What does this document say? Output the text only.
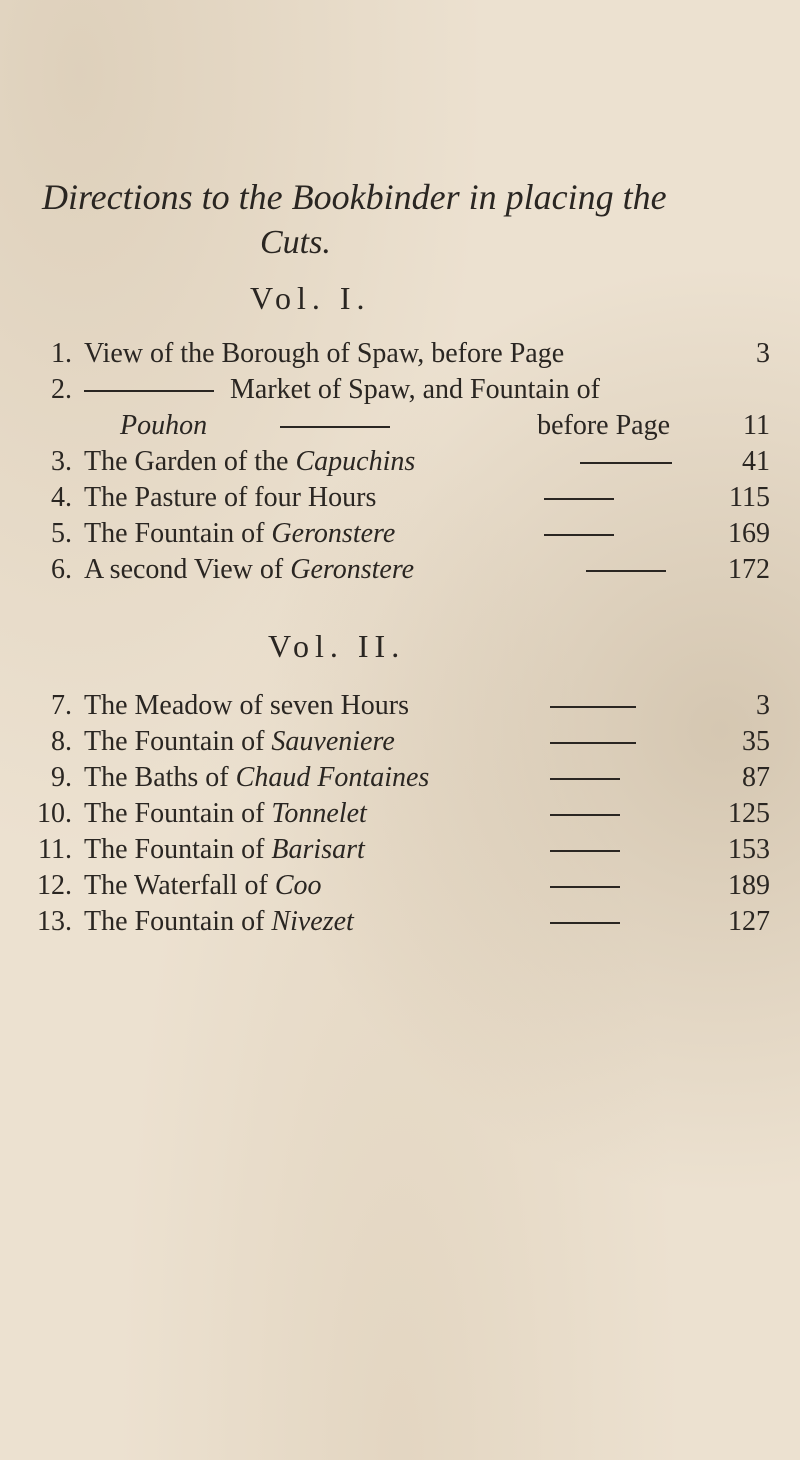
Directions to the Bookbinder in placing the
Cuts.
Vol. I.
1. View of the Borough of Spaw, before Page	3
2.	Market of Spaw, and Fountain of
Pouhon	before Page	11
3. The Garden of the Capuchins	41
4. The Pasture of four Hours	115
5. The Fountain of Geronstere	169
6. A second View of Geronstere	172
Vol. II.
7. The Meadow of seven Hours	3
8. The Fountain of Sauveniere	35
9. The Baths of Chaud Fontaines	87
10. The Fountain of Tonnelet	125
11. The Fountain of Barisart	153
12. The Waterfall of Coo	189
13. The Fountain of Nivezet	127
